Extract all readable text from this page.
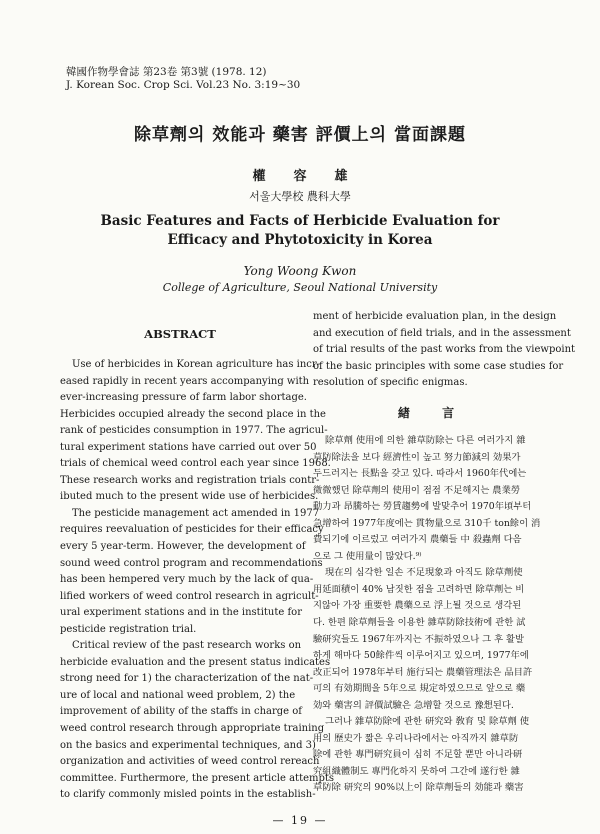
韓國作物學會誌 第23卷 第3號 (1978. 12)
J. Korean Soc. Crop Sci. Vol.23 No. 3:19~30
除草劑의 效能과 藥害 評價上의 當面課題
權容雄
서울大學校 農科大學
Basic Features and Facts of Herbicide Evaluation for
Efficacy and Phytotoxicity in Korea
Yong Woong Kwon
College of Agriculture, Seoul National University
ABSTRACT
Use of herbicides in Korean agriculture has incr-
eased rapidly in recent years accompanying with
ever-increasing pressure of farm labor shortage.
Herbicides occupied already the second place in the
rank of pesticides consumption in 1977. The agricul-
tural experiment stations have carried out over 50
trials of chemical weed control each year since 1968.
These research works and registration trials contr-
ibuted much to the present wide use of herbicides.
The pesticide management act amended in 1977
requires reevaluation of pesticides for their efficacy
every 5 year-term. However, the development of
sound weed control program and recommendations
has been hempered very much by the lack of qua-
lified workers of weed control research in agricult-
ural experiment stations and in the institute for
pesticide registration trial.
Critical review of the past research works on
herbicide evaluation and the present status indicates
strong need for 1) the characterization of the nat-
ure of local and national weed problem, 2) the
improvement of ability of the staffs in charge of
weed control research through appropriate training
on the basics and experimental techniques, and 3)
organization and activities of weed control rereach
committee. Furthermore, the present article attempts
to clarify commonly misled points in the establish-
ment of herbicide evaluation plan, in the design
and execution of field trials, and in the assessment
of trial results of the past works from the viewpoint
of the basic principles with some case studies for
resolution of specific enigmas.
緖 言
除草劑 使用에 의한 雜草防除는 다른 여러가지 雜
草防除法을 보다 經濟性이 높고 努力節減의 効果가
두드러지는 長點을 갖고 있다. 따라서 1960年代에는
微微했던 除草劑의 使用이 점점 不足해지는 農業勞
動力과 昂騰하는 勞賃趨勢에 발맞추어 1970年頃부터
急增하여 1977年度에는 貫物量으로 310千 ton餘이 消
費되기에 이르렀고 여러가지 農藥들 中 殺蟲劑 다음
으로 그 使用量이 많았다.⁹⁾
現在의 심각한 일손 不足現象과 아직도 除草劑使
用延面積이 40% 남짓한 점을 고려하면 除草劑는 비
지않아 가장 重要한 農藥으로 浮上될 것으로 생각된
다. 한편 除草劑들을 이용한 雜草防除技術에 관한 試
驗研究들도 1967年까지는 不振하였으나 그 후 활발
하게 해마다 50餘件씩 이루어지고 있으며, 1977年에
改正되어 1978年부터 施行되는 農藥管理法은 品目許
可의 有効期間을 5年으로 規定하였으므로 앞으로 藥
効와 藥害의 評價試驗은 急增할 것으로 豫想된다.
그러나 雜草防除에 관한 研究와 敎育 및 除草劑 使
用의 歷史가 짧은 우리나라에서는 아직까지 雜草防
除에 관한 專門研究員이 심히 不足할 뿐만 아니라研
究組織體制도 專門化하지 못하여 그간에 遂行한 雜
草防除 研究의 90%以上이 除草劑들의 効能과 藥害
— 19 —
